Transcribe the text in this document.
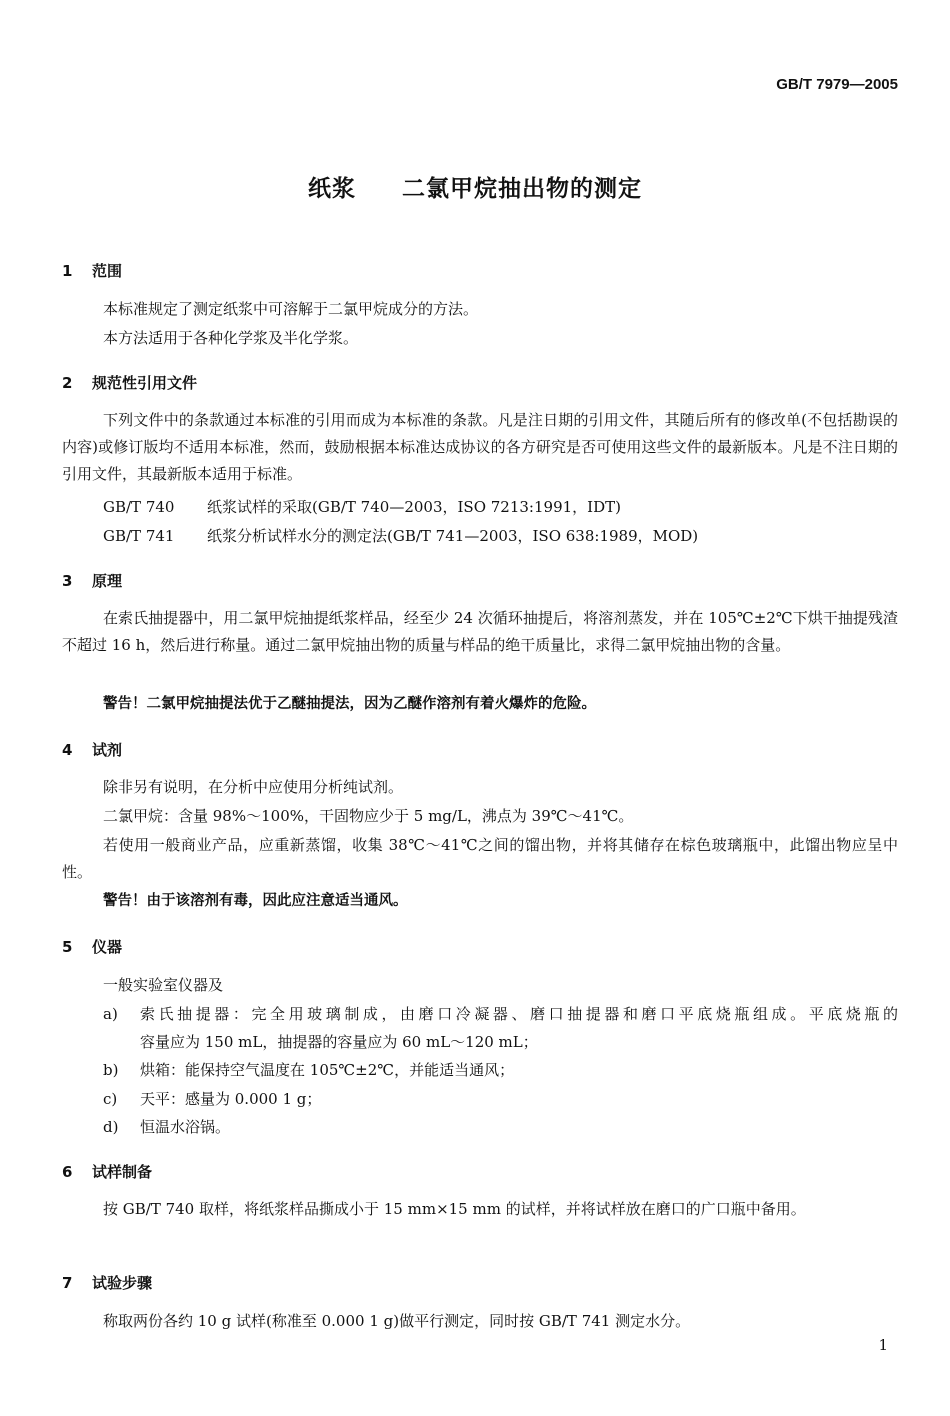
GB/T 7979—2005
纸浆  二氯甲烷抽出物的测定
1 范围
本标准规定了测定纸浆中可溶解于二氯甲烷成分的方法。
本方法适用于各种化学浆及半化学浆。
2 规范性引用文件
下列文件中的条款通过本标准的引用而成为本标准的条款。凡是注日期的引用文件，其随后所有的修改单(不包括勘误的内容)或修订版均不适用本标准，然而，鼓励根据本标准达成协议的各方研究是否可使用这些文件的最新版本。凡是不注日期的引用文件，其最新版本适用于标准。
GB/T 740 纸浆试样的采取(GB/T 740—2003，ISO 7213:1991，IDT)
GB/T 741 纸浆分析试样水分的测定法(GB/T 741—2003，ISO 638:1989，MOD)
3 原理
在索氏抽提器中，用二氯甲烷抽提纸浆样品，经至少 24 次循环抽提后，将溶剂蒸发，并在 105℃±2℃下烘干抽提残渣不超过 16 h，然后进行称量。通过二氯甲烷抽出物的质量与样品的绝干质量比，求得二氯甲烷抽出物的含量。
警告！二氯甲烷抽提法优于乙醚抽提法，因为乙醚作溶剂有着火爆炸的危险。
4 试剂
除非另有说明，在分析中应使用分析纯试剂。
二氯甲烷：含量 98%～100%，干固物应少于 5 mg/L，沸点为 39℃～41℃。
若使用一般商业产品，应重新蒸馏，收集 38℃～41℃之间的馏出物，并将其储存在棕色玻璃瓶中，此馏出物应呈中性。
警告！由于该溶剂有毒，因此应注意适当通风。
5 仪器
一般实验室仪器及
a)	索氏抽提器：完全用玻璃制成，由磨口冷凝器、磨口抽提器和磨口平底烧瓶组成。平底烧瓶的
容量应为 150 mL，抽提器的容量应为 60 mL～120 mL；
b)	烘箱：能保持空气温度在 105℃±2℃，并能适当通风；
c)	天平：感量为 0.000 1 g；
d)	恒温水浴锅。
6 试样制备
按 GB/T 740 取样，将纸浆样品撕成小于 15 mm×15 mm 的试样，并将试样放在磨口的广口瓶中备用。
7 试验步骤
称取两份各约 10 g 试样(称准至 0.000 1 g)做平行测定，同时按 GB/T 741 测定水分。
1
